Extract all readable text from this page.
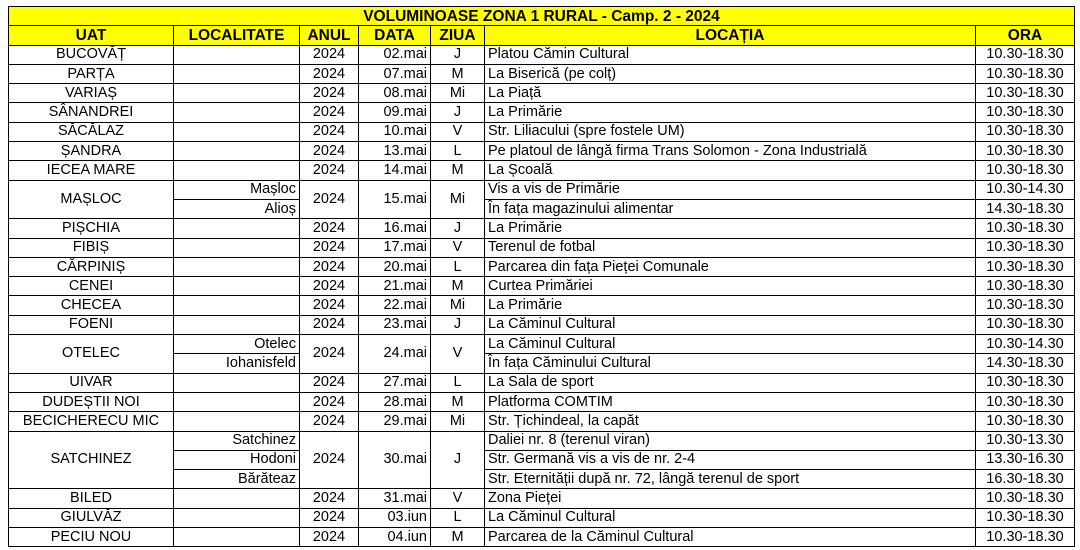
VOLUMINOASE ZONA 1 RURAL - Camp. 2 - 2024						
UAT	LOCALITATE	ANUL	DATA	ZIUA	LOCAȚIA	ORA
BUCOVĂȚ		2024	02.mai	J	Platou Cămin Cultural	10.30-18.30
PARȚA		2024	07.mai	M	La Biserică (pe colț)	10.30-18.30
VARIAȘ		2024	08.mai	Mi	La Piață	10.30-18.30
SÂNANDREI		2024	09.mai	J	La Primărie	10.30-18.30
SĂCĂLAZ		2024	10.mai	V	Str. Liliacului (spre fostele UM)	10.30-18.30
ȘANDRA		2024	13.mai	L	Pe platoul de lângă firma Trans Solomon - Zona Industrială	10.30-18.30
IECEA MARE		2024	14.mai	M	La Școală	10.30-18.30
MAȘLOC	Mașloc	2024	15.mai	Mi	Vis a vis de Primărie	10.30-14.30
	Alioș				În fața magazinului alimentar	14.30-18.30
PIȘCHIA		2024	16.mai	J	La Primărie	10.30-18.30
FIBIȘ		2024	17.mai	V	Terenul de fotbal	10.30-18.30
CĂRPINIȘ		2024	20.mai	L	Parcarea din fața Pieței Comunale	10.30-18.30
CENEI		2024	21.mai	M	Curtea Primăriei	10.30-18.30
CHECEA		2024	22.mai	Mi	La Primărie	10.30-18.30
FOENI		2024	23.mai	J	La Căminul Cultural	10.30-18.30
OTELEC	Otelec	2024	24.mai	V	La Căminul Cultural	10.30-14.30
	Iohanisfeld				În fața Căminului Cultural	14.30-18.30
UIVAR		2024	27.mai	L	La Sala de sport	10.30-18.30
DUDEȘTII NOI		2024	28.mai	M	Platforma COMTIM	10.30-18.30
BECICHERECU MIC		2024	29.mai	Mi	Str. Țichindeal, la capăt	10.30-18.30
SATCHINEZ	Satchinez	2024	30.mai	J	Daliei nr. 8 (terenul viran)	10.30-13.30
	Hodoni				Str. Germană vis a vis de nr. 2-4	13.30-16.30
	Bărăteaz				Str. Eternității după nr. 72, lângă terenul de sport	16.30-18.30
BILED		2024	31.mai	V	Zona Pieței	10.30-18.30
GIULVĂZ		2024	03.iun	L	La Căminul Cultural	10.30-18.30
PECIU NOU		2024	04.iun	M	Parcarea de la Căminul Cultural	10.30-18.30
